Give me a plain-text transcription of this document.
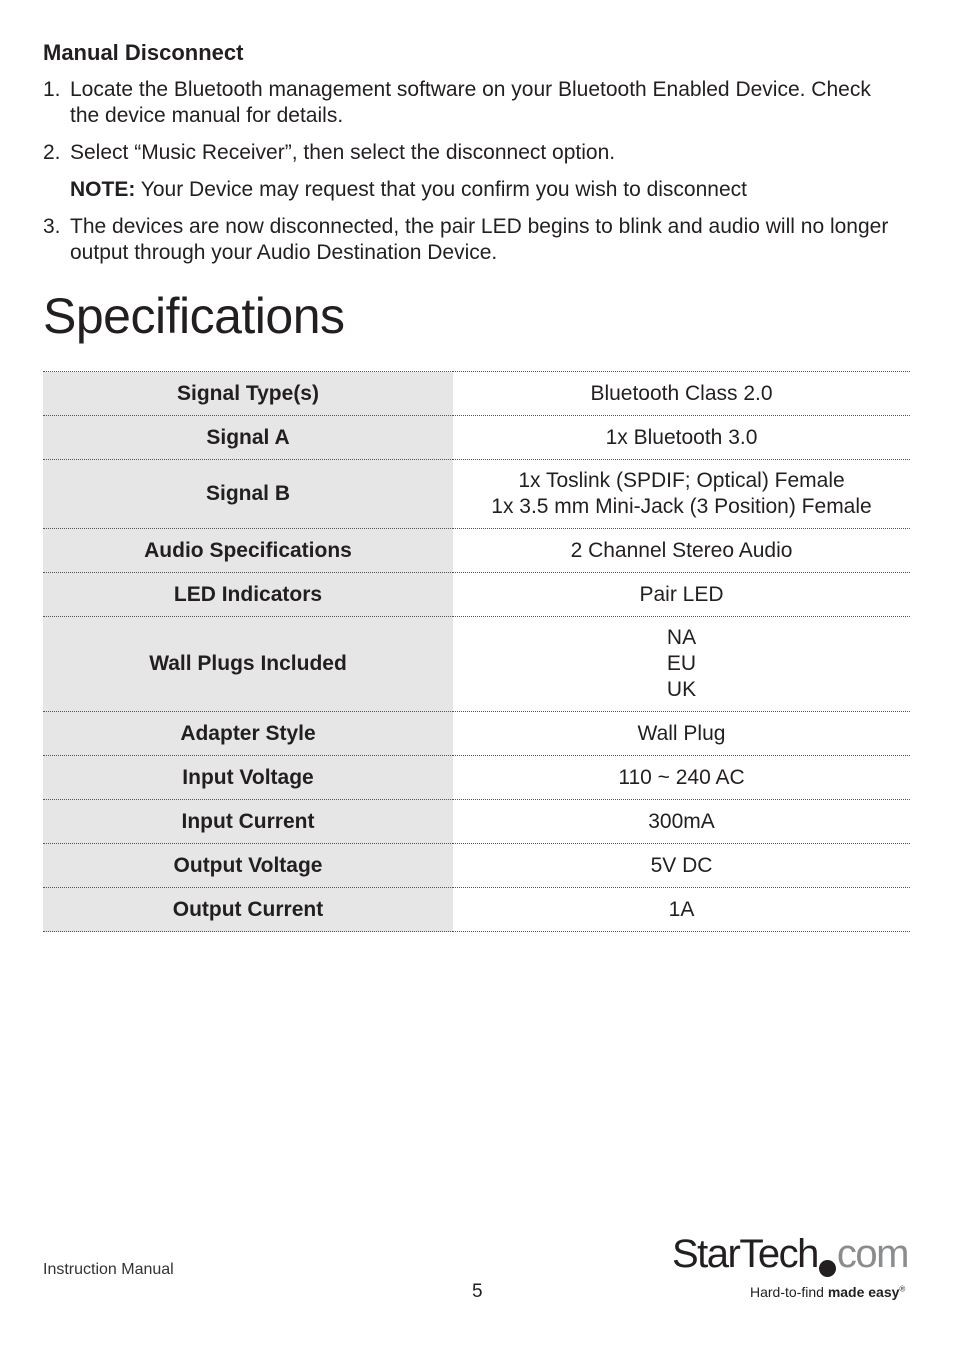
Manual Disconnect
1. Locate the Bluetooth management software on your Bluetooth Enabled Device. Check the device manual for details.
2. Select “Music Receiver”, then select the disconnect option.
NOTE: Your Device may request that you confirm you wish to disconnect
3. The devices are now disconnected, the pair LED begins to blink and audio will no longer output through your Audio Destination Device.
Specifications
Signal Type(s)	Bluetooth Class 2.0

Signal A	1x Bluetooth 3.0

Signal B	1x Toslink (SPDIF; Optical) Female
1x 3.5 mm Mini-Jack (3 Position) Female

Audio Specifications	2 Channel Stereo Audio

LED Indicators	Pair LED

Wall Plugs Included	NA
EU
UK

Adapter Style	Wall Plug

Input Voltage	110 ~ 240 AC

Input Current	300mA

Output Voltage	5V DC

Output Current	1A
Instruction Manual
5
StarTech com
Hard-to-find made easy®
